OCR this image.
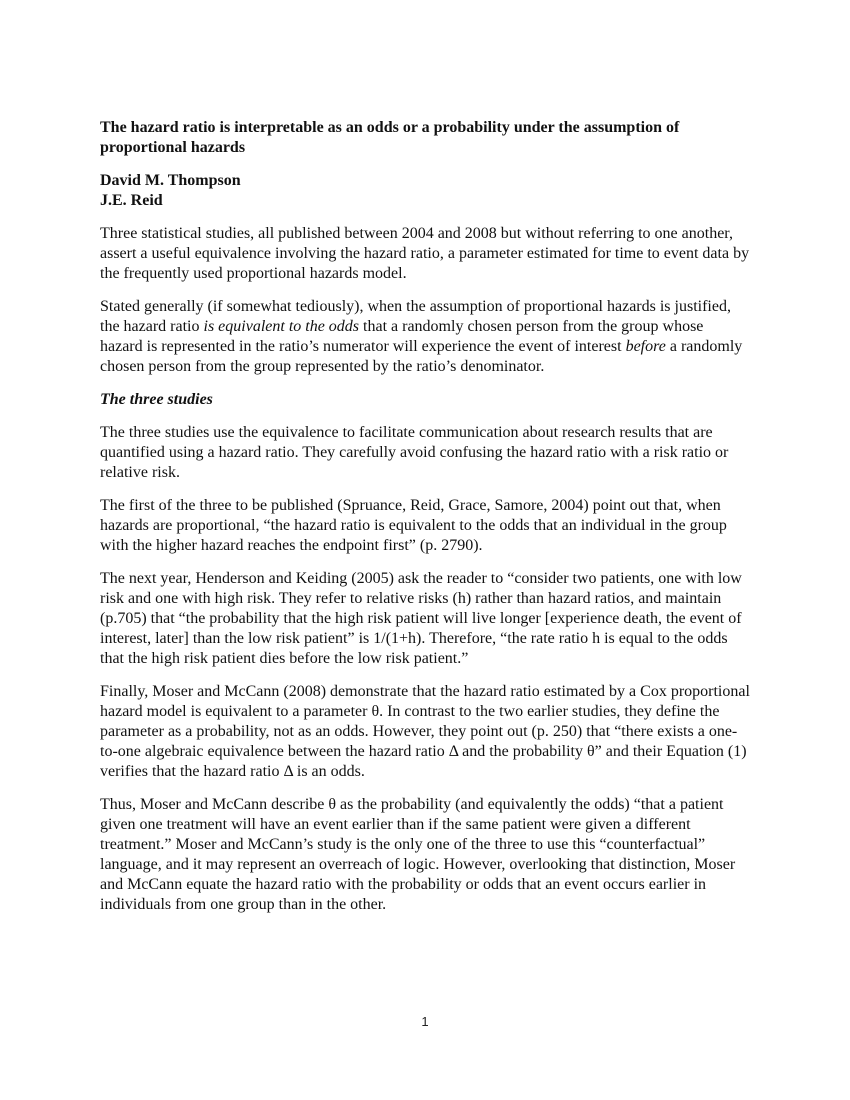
The hazard ratio is interpretable as an odds or a probability under the assumption of proportional hazards
David M. Thompson
J.E. Reid

Three statistical studies, all published between 2004 and 2008 but without referring to one another, assert a useful equivalence involving the hazard ratio, a parameter estimated for time to event data by the frequently used proportional hazards model.

Stated generally (if somewhat tediously), when the assumption of proportional hazards is justified, the hazard ratio is equivalent to the odds that a randomly chosen person from the group whose hazard is represented in the ratio’s numerator will experience the event of interest before a randomly chosen person from the group represented by the ratio’s denominator.

The three studies

The three studies use the equivalence to facilitate communication about research results that are quantified using a hazard ratio. They carefully avoid confusing the hazard ratio with a risk ratio or relative risk.

The first of the three to be published (Spruance, Reid, Grace, Samore, 2004) point out that, when hazards are proportional, “the hazard ratio is equivalent to the odds that an individual in the group with the higher hazard reaches the endpoint first” (p. 2790).

The next year, Henderson and Keiding (2005) ask the reader to “consider two patients, one with low risk and one with high risk. They refer to relative risks (h) rather than hazard ratios, and maintain (p.705) that “the probability that the high risk patient will live longer [experience death, the event of interest, later] than the low risk patient” is 1/(1+h). Therefore, “the rate ratio h is equal to the odds that the high risk patient dies before the low risk patient.”

Finally, Moser and McCann (2008) demonstrate that the hazard ratio estimated by a Cox proportional hazard model is equivalent to a parameter θ. In contrast to the two earlier studies, they define the parameter as a probability, not as an odds. However, they point out (p. 250) that “there exists a one-to-one algebraic equivalence between the hazard ratio Δ and the probability θ” and their Equation (1) verifies that the hazard ratio Δ is an odds.

Thus, Moser and McCann describe θ as the probability (and equivalently the odds) “that a patient given one treatment will have an event earlier than if the same patient were given a different treatment.” Moser and McCann’s study is the only one of the three to use this “counterfactual” language, and it may represent an overreach of logic. However, overlooking that distinction, Moser and McCann equate the hazard ratio with the probability or odds that an event occurs earlier in individuals from one group than in the other.

1
